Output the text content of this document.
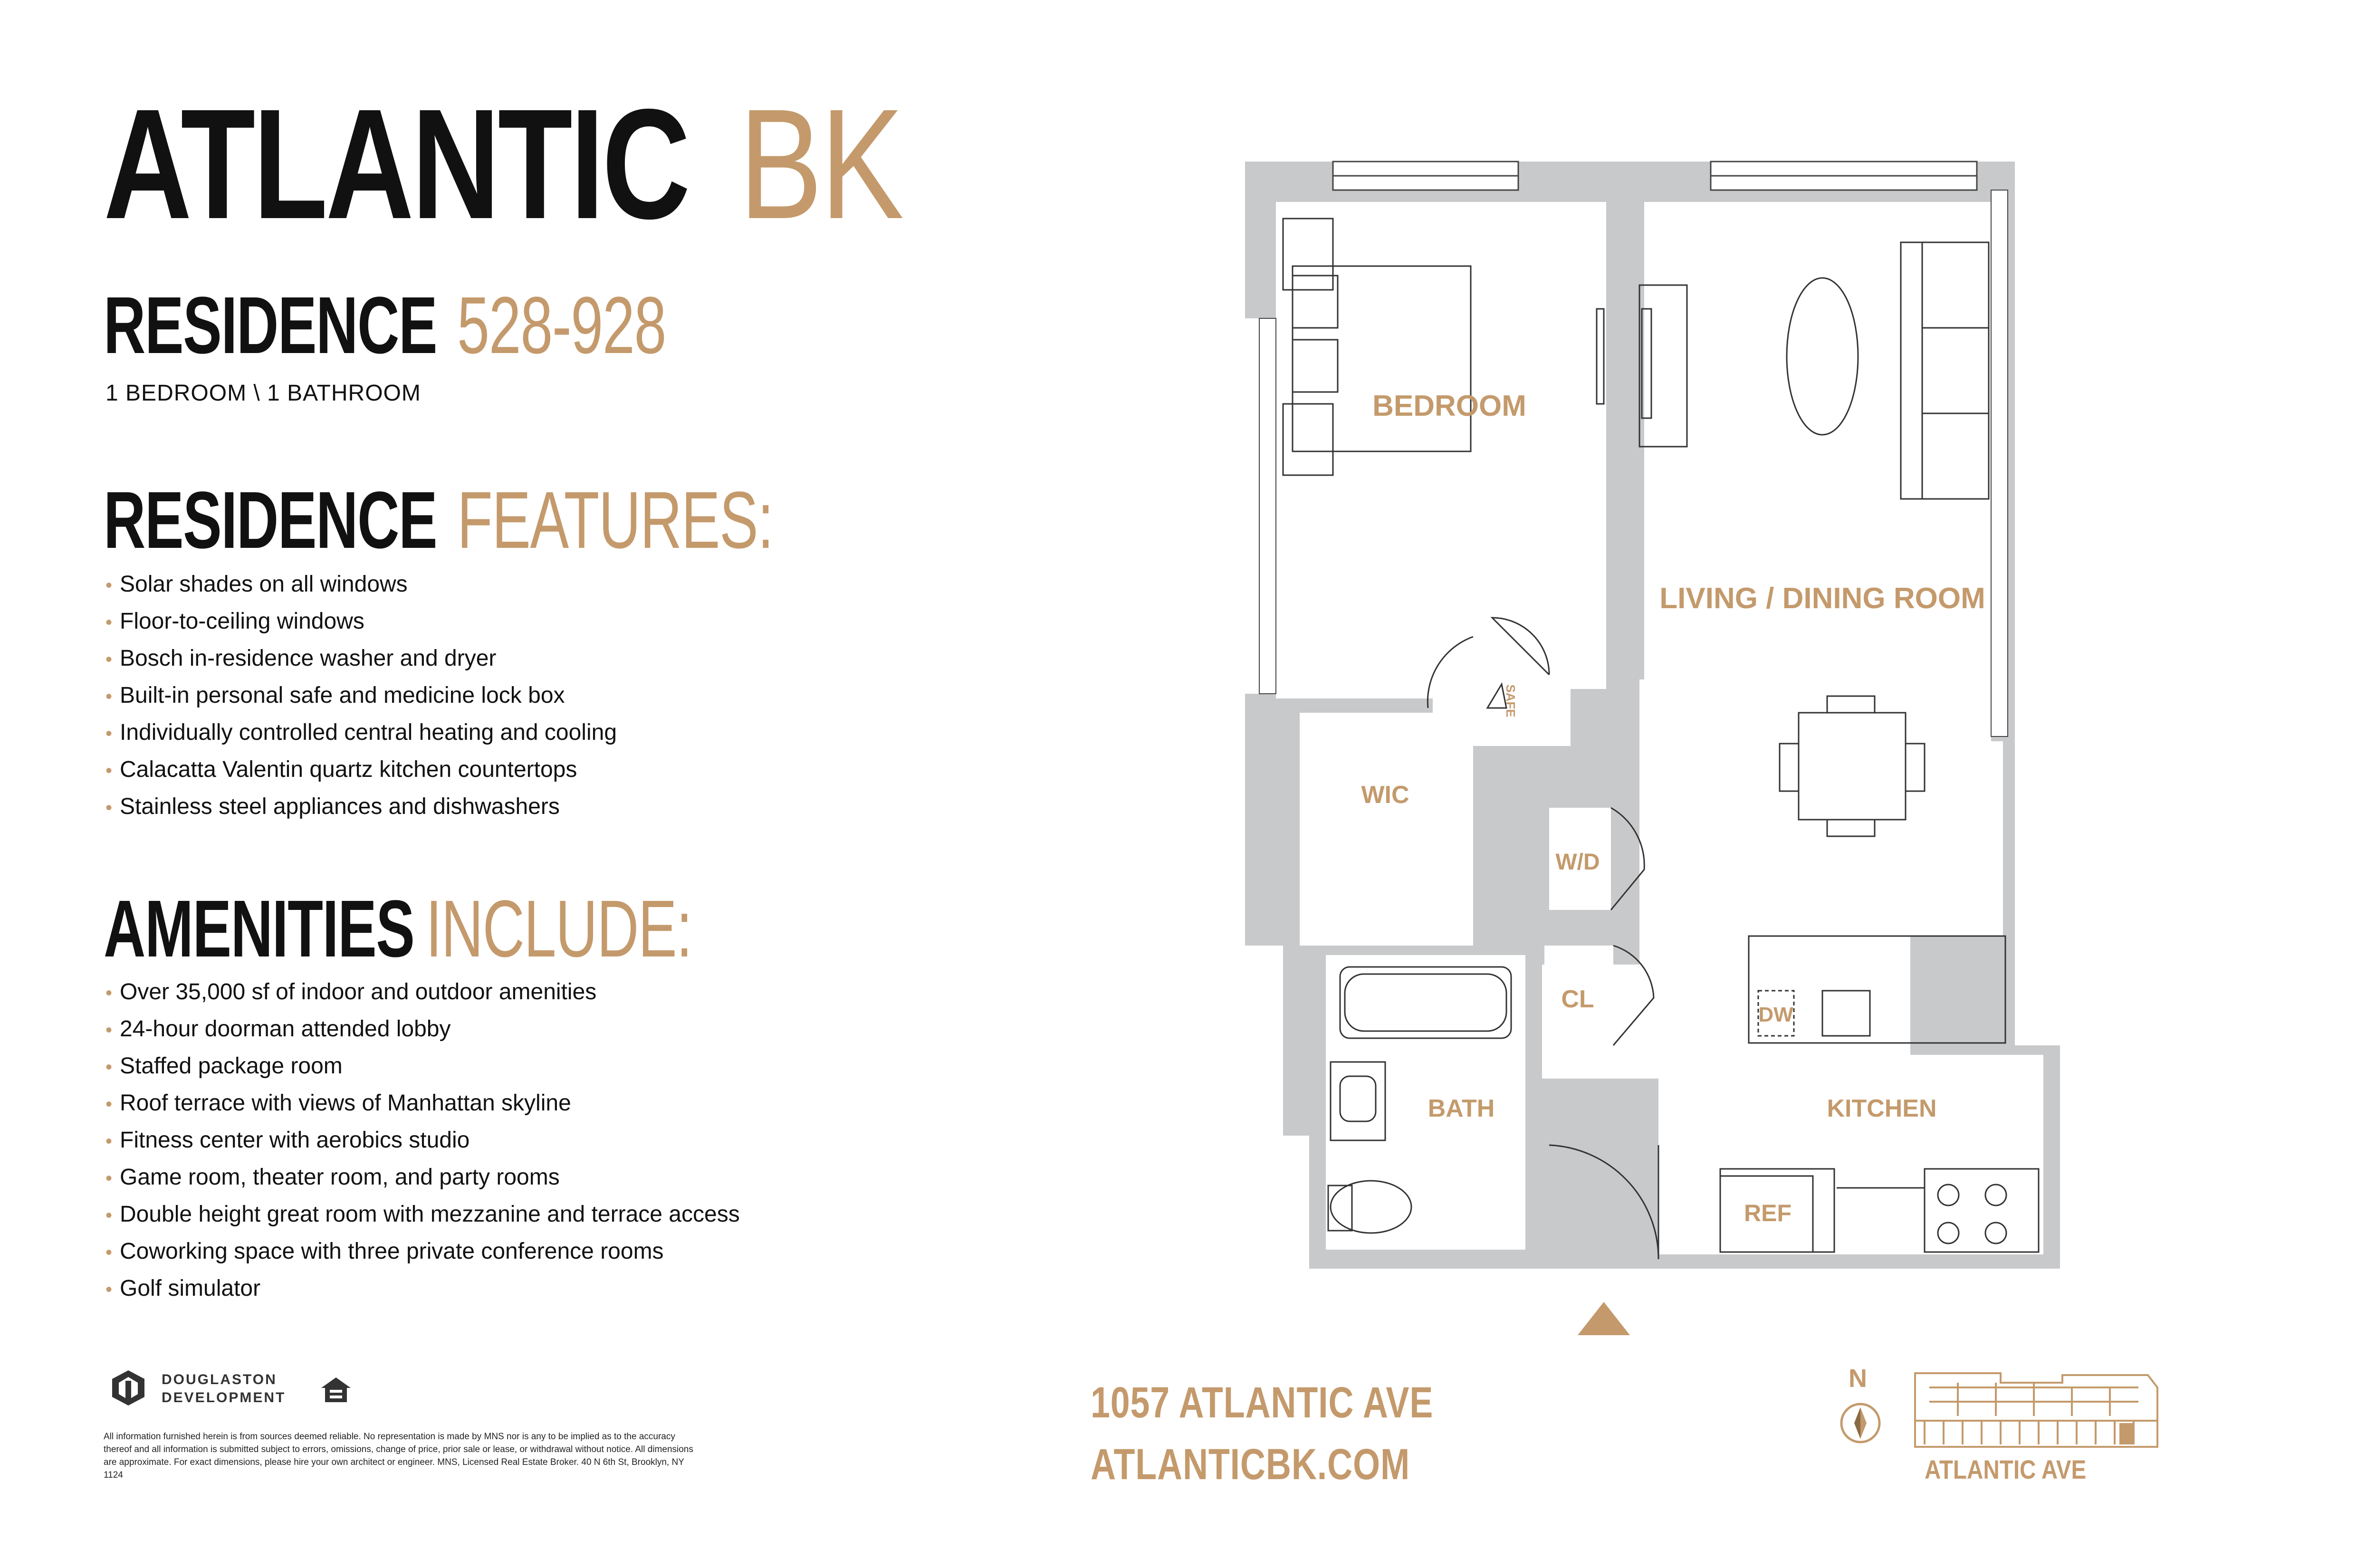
ATLANTIC BK
RESIDENCE 528-928
1 BEDROOM \ 1 BATHROOM
RESIDENCE FEATURES:
• Solar shades on all windows
• Floor-to-ceiling windows
• Bosch in-residence washer and dryer
• Built-in personal safe and medicine lock box
• Individually controlled central heating and cooling
• Calacatta Valentin quartz kitchen countertops
• Stainless steel appliances and dishwashers
AMENITIES INCLUDE:
• Over 35,000 sf of indoor and outdoor amenities
• 24-hour doorman attended lobby
• Staffed package room
• Roof terrace with views of Manhattan skyline
• Fitness center with aerobics studio
• Game room, theater room, and party rooms
• Double height great room with mezzanine and terrace access
• Coworking space with three private conference rooms
• Golf simulator
DOUGLASTON
DEVELOPMENT
All information furnished herein is from sources deemed reliable. No representation is made by MNS nor is any to be implied as to the accuracy thereof and all information is submitted subject to errors, omissions, change of price, prior sale or lease, or withdrawal without notice. All dimensions are approximate. For exact dimensions, please hire your own architect or engineer. MNS, Licensed Real Estate Broker. 40 N 6th St, Brooklyn, NY 1124
1057 ATLANTIC AVE
ATLANTICBK.COM
N
ATLANTIC AVE
BEDROOM
LIVING / DINING ROOM
WIC
W/D
CL
DW
BATH	KITCHEN
REF
SAFE
